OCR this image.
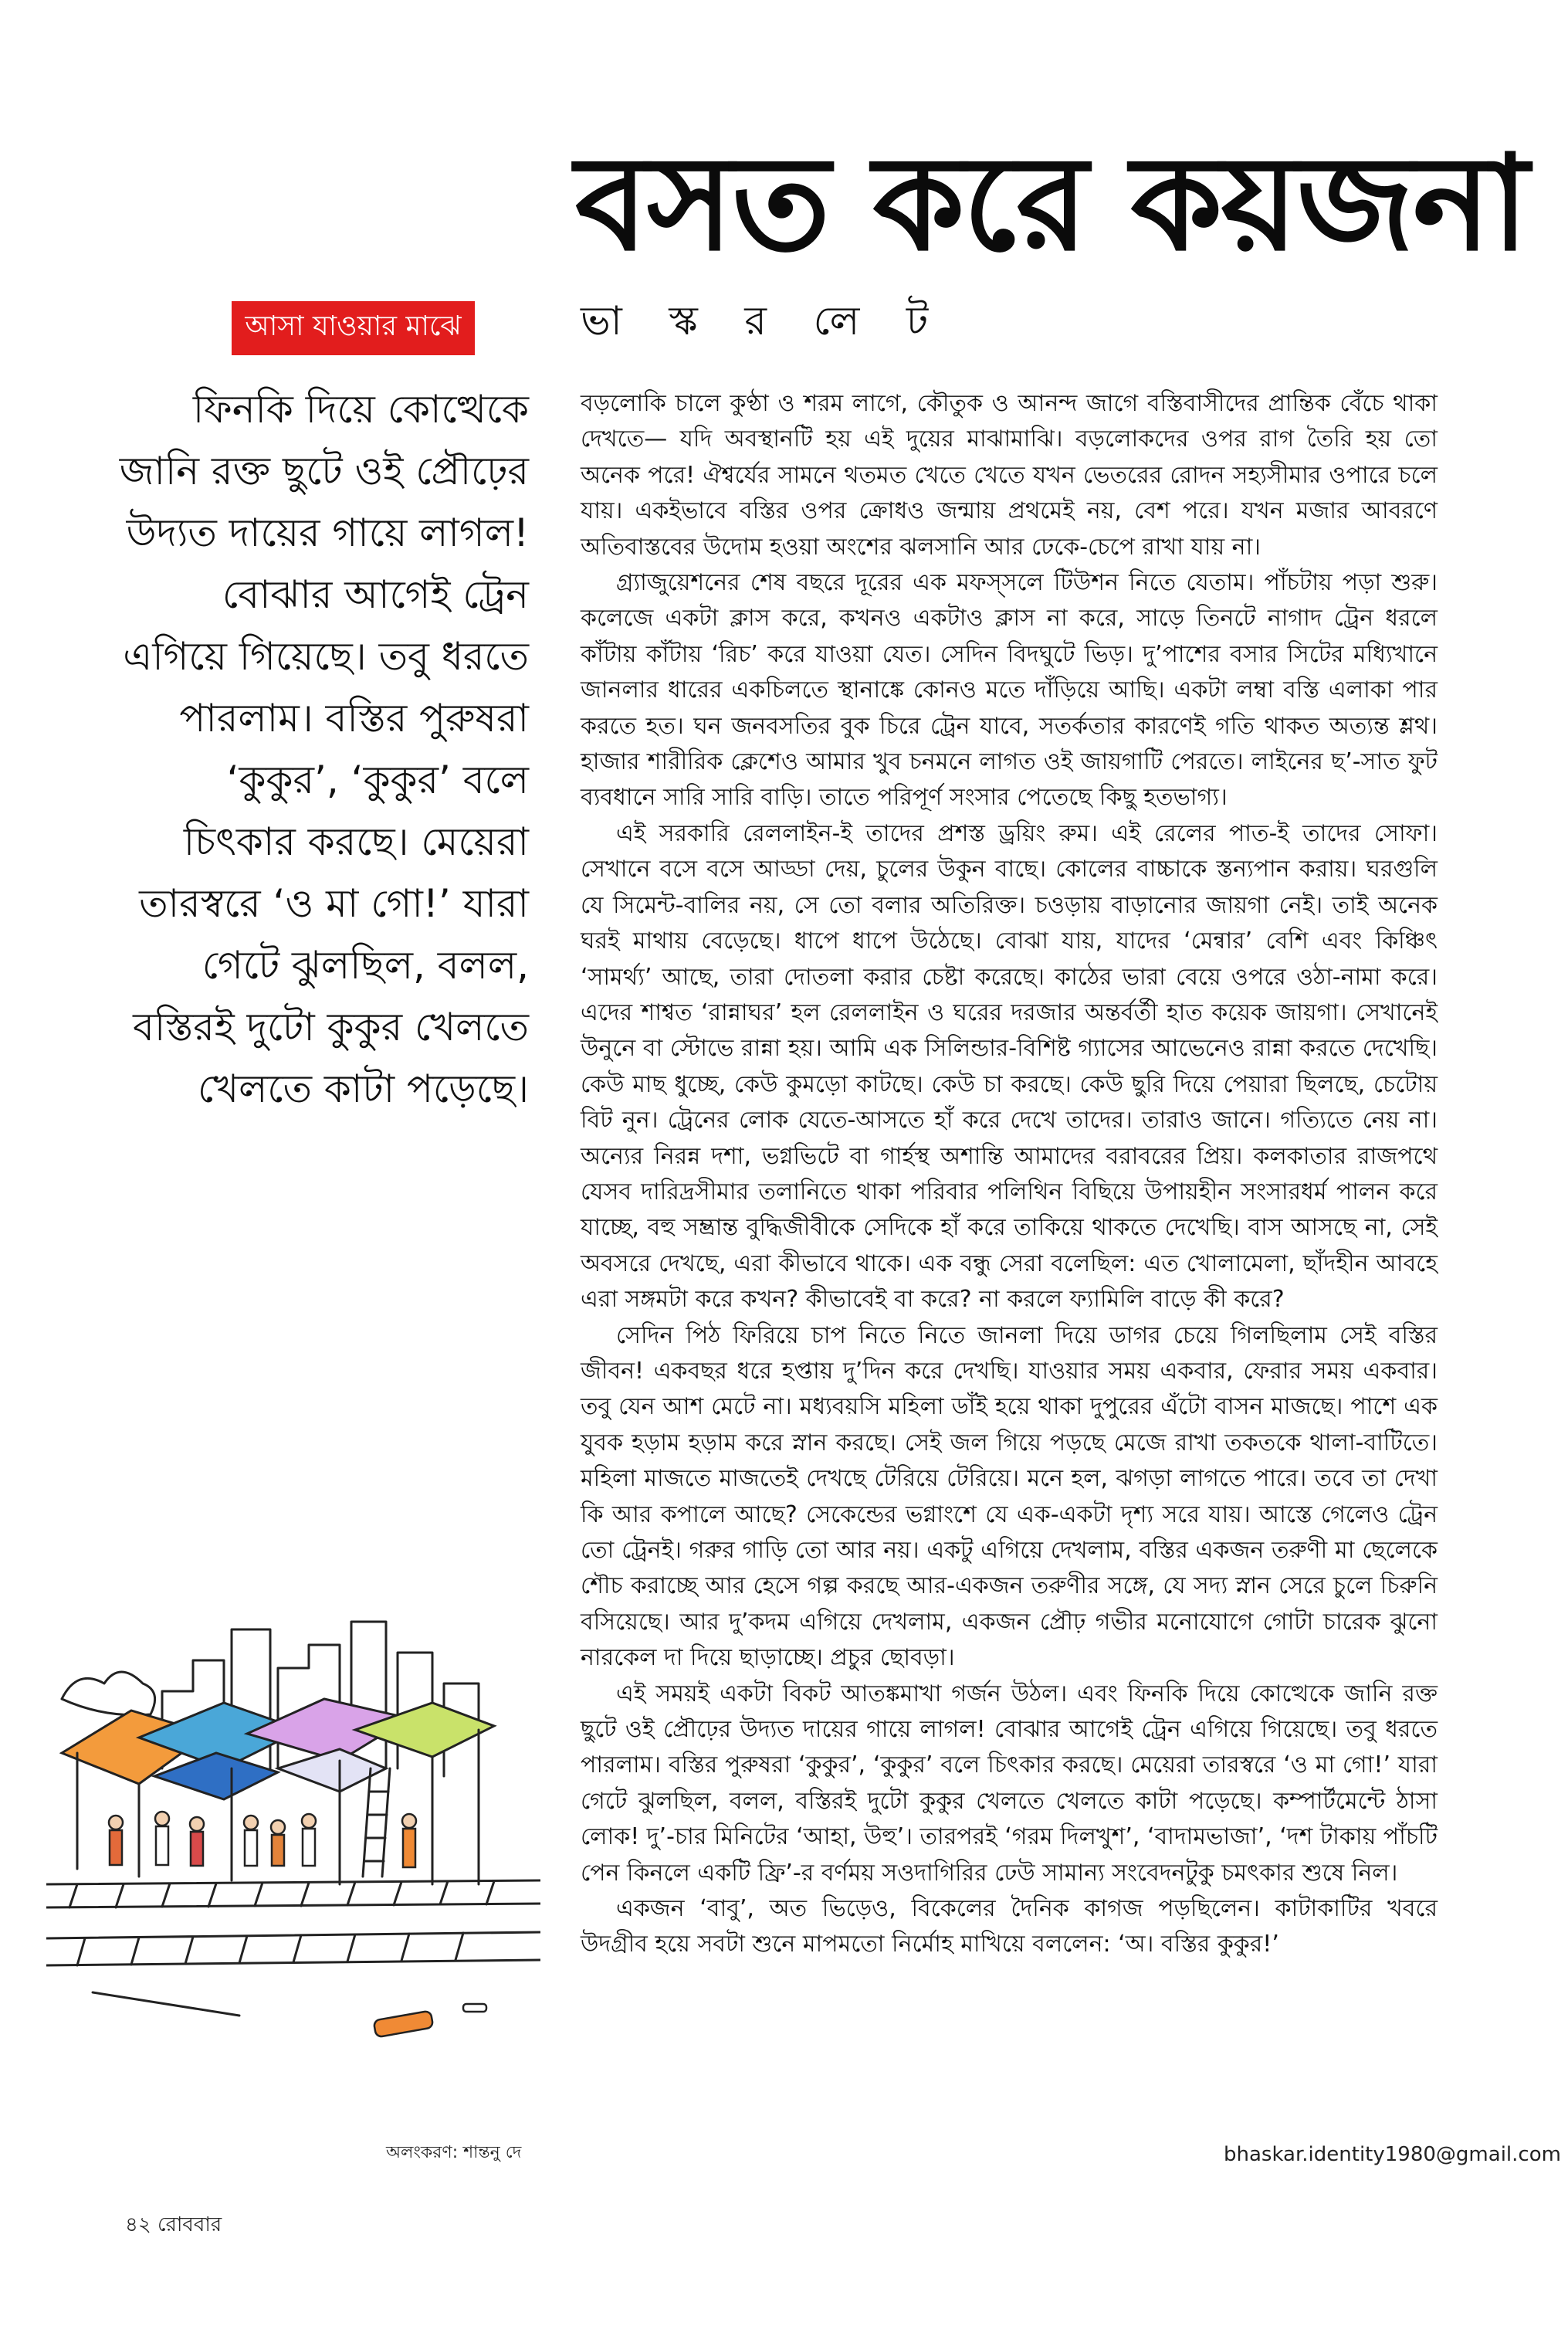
বসত করে কয়জনা
ভা স্ক র লে ট
আসা যাওয়ার মাঝে
ফিনকি দিয়ে কোত্থেকে জানি রক্ত ছুটে ওই প্রৌঢ়ের উদ্যত দায়ের গায়ে লাগল! বোঝার আগেই ট্রেন এগিয়ে গিয়েছে। তবু ধরতে পারলাম। বস্তির পুরুষরা ‘কুকুর’, ‘কুকুর’ বলে চিৎকার করছে। মেয়েরা তারস্বরে ‘ও মা গো!’ যারা গেটে ঝুলছিল, বলল, বস্তিরই দুটো কুকুর খেলতে খেলতে কাটা পড়েছে।

বড়লোকি চালে কুণ্ঠা ও শরম লাগে, কৌতুক ও আনন্দ জাগে বস্তিবাসীদের প্রান্তিক বেঁচে থাকা দেখতে— যদি অবস্থানটি হয় এই দুয়ের মাঝামাঝি। বড়লোকদের ওপর রাগ তৈরি হয় তো অনেক পরে! ঐশ্বর্যের সামনে থতমত খেতে খেতে যখন ভেতরের রোদন সহ্যসীমার ওপারে চলে যায়। একইভাবে বস্তির ওপর ক্রোধও জন্মায় প্রথমেই নয়, বেশ পরে। যখন মজার আবরণে অতিবাস্তবের উদোম হওয়া অংশের ঝলসানি আর ঢেকে-চেপে রাখা যায় না।

গ্র্যাজুয়েশনের শেষ বছরে দূরের এক মফস্সলে টিউশন নিতে যেতাম। পাঁচটায় পড়া শুরু। কলেজে একটা ক্লাস করে, কখনও একটাও ক্লাস না করে, সাড়ে তিনটে নাগাদ ট্রেন ধরলে কাঁটায় কাঁটায় ‘রিচ’ করে যাওয়া যেত। সেদিন বিদঘুটে ভিড়। দু’পাশের বসার সিটের মধ্যিখানে জানলার ধারের একচিলতে স্থানাঙ্কে কোনও মতে দাঁড়িয়ে আছি। একটা লম্বা বস্তি এলাকা পার করতে হত। ঘন জনবসতির বুক চিরে ট্রেন যাবে, সতর্কতার কারণেই গতি থাকত অত্যন্ত শ্লথ। হাজার শারীরিক ক্লেশেও আমার খুব চনমনে লাগত ওই জায়গাটি পেরতে। লাইনের ছ’-সাত ফুট ব্যবধানে সারি সারি বাড়ি। তাতে পরিপূর্ণ সংসার পেতেছে কিছু হতভাগ্য।

এই সরকারি রেললাইন-ই তাদের প্রশস্ত ড্রয়িং রুম। এই রেলের পাত-ই তাদের সোফা। সেখানে বসে বসে আড্ডা দেয়, চুলের উকুন বাছে। কোলের বাচ্চাকে স্তন্যপান করায়। ঘরগুলি যে সিমেন্ট-বালির নয়, সে তো বলার অতিরিক্ত। চওড়ায় বাড়ানোর জায়গা নেই। তাই অনেক ঘরই মাথায় বেড়েছে। ধাপে ধাপে উঠেছে। বোঝা যায়, যাদের ‘মেন্বার’ বেশি এবং কিঞ্চিৎ ‘সামর্থ্য’ আছে, তারা দোতলা করার চেষ্টা করেছে। কাঠের ভারা বেয়ে ওপরে ওঠা-নামা করে। এদের শাশ্বত ‘রান্নাঘর’ হল রেললাইন ও ঘরের দরজার অন্তর্বর্তী হাত কয়েক জায়গা। সেখানেই উনুনে বা স্টোভে রান্না হয়। আমি এক সিলিন্ডার-বিশিষ্ট গ্যাসের আভেনেও রান্না করতে দেখেছি। কেউ মাছ ধুচ্ছে, কেউ কুমড়ো কাটছে। কেউ চা করছে। কেউ ছুরি দিয়ে পেয়ারা ছিলছে, চেটোয় বিট নুন। ট্রেনের লোক যেতে-আসতে হাঁ করে দেখে তাদের। তারাও জানে। গত্যিতে নেয় না। অন্যের নিরন্ন দশা, ভগ্নভিটে বা গার্হস্থ অশান্তি আমাদের বরাবরের প্রিয়। কলকাতার রাজপথে যেসব দারিদ্রসীমার তলানিতে থাকা পরিবার পলিথিন বিছিয়ে উপায়হীন সংসারধর্ম পালন করে যাচ্ছে, বহু সম্ভ্রান্ত বুদ্ধিজীবীকে সেদিকে হাঁ করে তাকিয়ে থাকতে দেখেছি। বাস আসছে না, সেই অবসরে দেখছে, এরা কীভাবে থাকে। এক বন্ধু সেরা বলেছিল: এত খোলামেলা, ছাঁদহীন আবহে এরা সঙ্গমটা করে কখন? কীভাবেই বা করে? না করলে ফ্যামিলি বাড়ে কী করে?

সেদিন পিঠ ফিরিয়ে চাপ নিতে নিতে জানলা দিয়ে ডাগর চেয়ে গিলছিলাম সেই বস্তির জীবন! একবছর ধরে হপ্তায় দু’দিন করে দেখছি। যাওয়ার সময় একবার, ফেরার সময় একবার। তবু যেন আশ মেটে না। মধ্যবয়সি মহিলা ডাঁই হয়ে থাকা দুপুরের এঁটো বাসন মাজছে। পাশে এক যুবক হড়াম হড়াম করে স্নান করছে। সেই জল গিয়ে পড়ছে মেজে রাখা তকতকে থালা-বাটিতে। মহিলা মাজতে মাজতেই দেখছে টেরিয়ে টেরিয়ে। মনে হল, ঝগড়া লাগতে পারে। তবে তা দেখা কি আর কপালে আছে? সেকেন্ডের ভগ্নাংশে যে এক-একটা দৃশ্য সরে যায়। আস্তে গেলেও ট্রেন তো ট্রেনই। গরুর গাড়ি তো আর নয়। একটু এগিয়ে দেখলাম, বস্তির একজন তরুণী মা ছেলেকে শৌচ করাচ্ছে আর হেসে গল্প করছে আর-একজন তরুণীর সঙ্গে, যে সদ্য স্নান সেরে চুলে চিরুনি বসিয়েছে। আর দু’কদম এগিয়ে দেখলাম, একজন প্রৌঢ় গভীর মনোযোগে গোটা চারেক ঝুনো নারকেল দা দিয়ে ছাড়াচ্ছে। প্রচুর ছোবড়া।

এই সময়ই একটা বিকট আতঙ্কমাখা গর্জন উঠল। এবং ফিনকি দিয়ে কোত্থেকে জানি রক্ত ছুটে ওই প্রৌঢ়ের উদ্যত দায়ের গায়ে লাগল! বোঝার আগেই ট্রেন এগিয়ে গিয়েছে। তবু ধরতে পারলাম। বস্তির পুরুষরা ‘কুকুর’, ‘কুকুর’ বলে চিৎকার করছে। মেয়েরা তারস্বরে ‘ও মা গো!’ যারা গেটে ঝুলছিল, বলল, বস্তিরই দুটো কুকুর খেলতে খেলতে কাটা পড়েছে। কম্পার্টমেন্টে ঠাসা লোক! দু’-চার মিনিটের ‘আহা, উহু’। তারপরই ‘গরম দিলখুশ’, ‘বাদামভাজা’, ‘দশ টাকায় পাঁচটি পেন কিনলে একটি ফ্রি’-র বর্ণময় সওদাগিরির ঢেউ সামান্য সংবেদনটুকু চমৎকার শুষে নিল।

একজন ‘বাবু’, অত ভিড়েও, বিকেলের দৈনিক কাগজ পড়ছিলেন। কাটাকাটির খবরে উদগ্রীব হয়ে সবটা শুনে মাপমতো নির্মোহ মাখিয়ে বললেন: ‘অ। বস্তির কুকুর!’

অলংকরণ: শান্তনু দে	bhaskar.identity1980@gmail.com
৪২ রোববার
